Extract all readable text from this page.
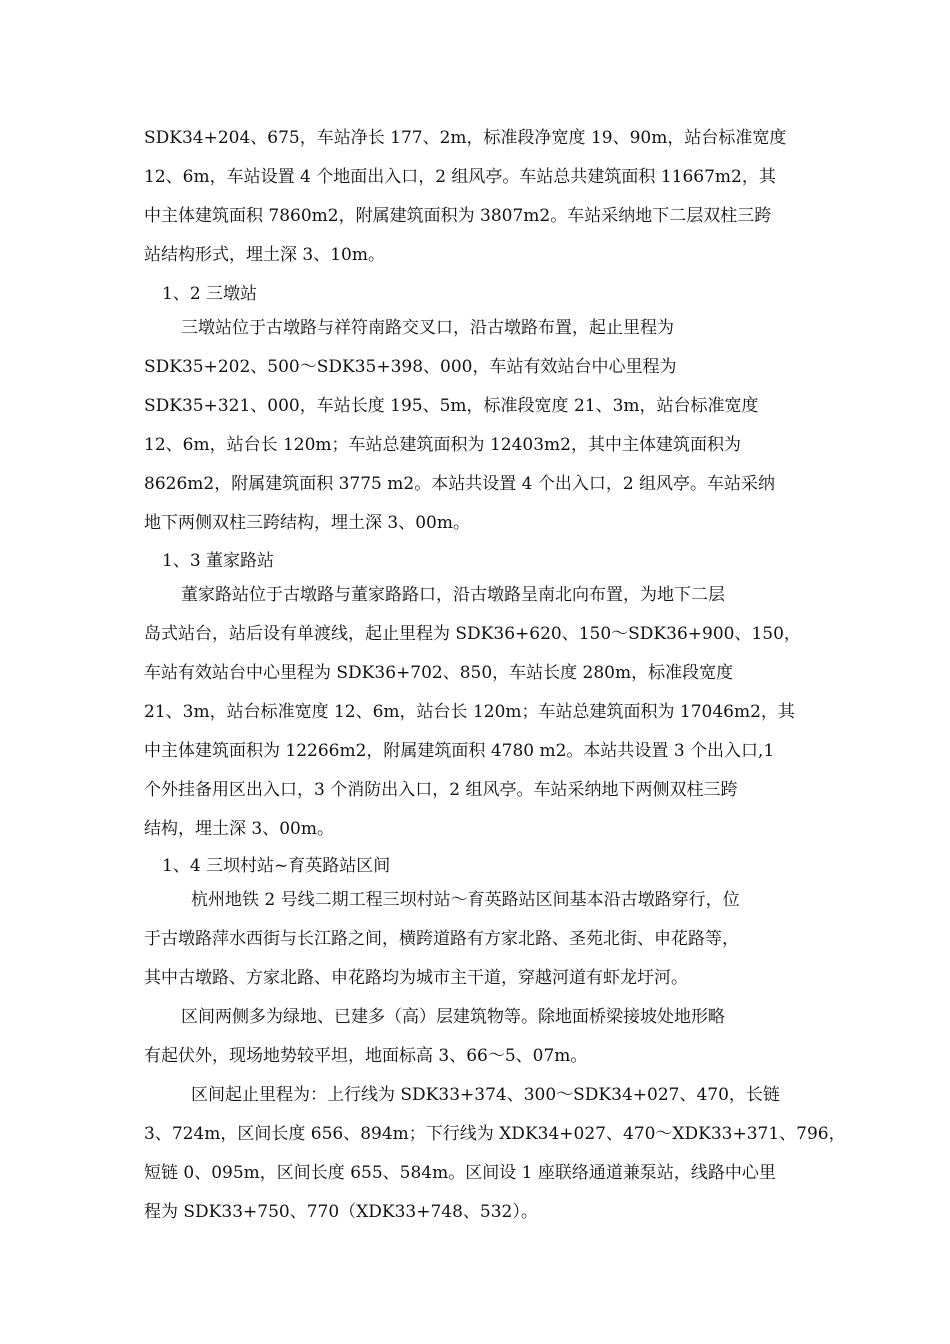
SDK34+204、675，车站净长 177、2m，标准段净宽度 19、90m，站台标准宽度
12、6m，车站设置 4 个地面出入口，2 组风亭。车站总共建筑面积 11667m2，其
中主体建筑面积 7860m2，附属建筑面积为 3807m2。车站采纳地下二层双柱三跨
站结构形式，埋土深 3、10m。
1、2 三墩站
三墩站位于古墩路与祥符南路交叉口，沿古墩路布置，起止里程为
SDK35+202、500～SDK35+398、000，车站有效站台中心里程为
SDK35+321、000，车站长度 195、5m，标准段宽度 21、3m，站台标准宽度
12、6m，站台长 120m；车站总建筑面积为 12403m2，其中主体建筑面积为
8626m2，附属建筑面积 3775 m2。本站共设置 4 个出入口，2 组风亭。车站采纳
地下两侧双柱三跨结构，埋土深 3、00m。
1、3 董家路站
董家路站位于古墩路与董家路路口，沿古墩路呈南北向布置，为地下二层
岛式站台，站后设有单渡线，起止里程为 SDK36+620、150～SDK36+900、150，
车站有效站台中心里程为 SDK36+702、850，车站长度 280m，标准段宽度
21、3m，站台标准宽度 12、6m，站台长 120m；车站总建筑面积为 17046m2，其
中主体建筑面积为 12266m2，附属建筑面积 4780 m2。本站共设置 3 个出入口,1
个外挂备用区出入口，3 个消防出入口，2 组风亭。车站采纳地下两侧双柱三跨
结构，埋土深 3、00m。
1、4 三坝村站~育英路站区间
杭州地铁 2 号线二期工程三坝村站～育英路站区间基本沿古墩路穿行，位
于古墩路萍水西街与长江路之间，横跨道路有方家北路、圣苑北街、申花路等，
其中古墩路、方家北路、申花路均为城市主干道，穿越河道有虾龙圩河。
区间两侧多为绿地、已建多（高）层建筑物等。除地面桥梁接坡处地形略
有起伏外，现场地势较平坦，地面标高 3、66～5、07m。
区间起止里程为：上行线为 SDK33+374、300～SDK34+027、470，长链
3、724m，区间长度 656、894m；下行线为 XDK34+027、470～XDK33+371、796，
短链 0、095m，区间长度 655、584m。区间设 1 座联络通道兼泵站，线路中心里
程为 SDK33+750、770（XDK33+748、532）。
